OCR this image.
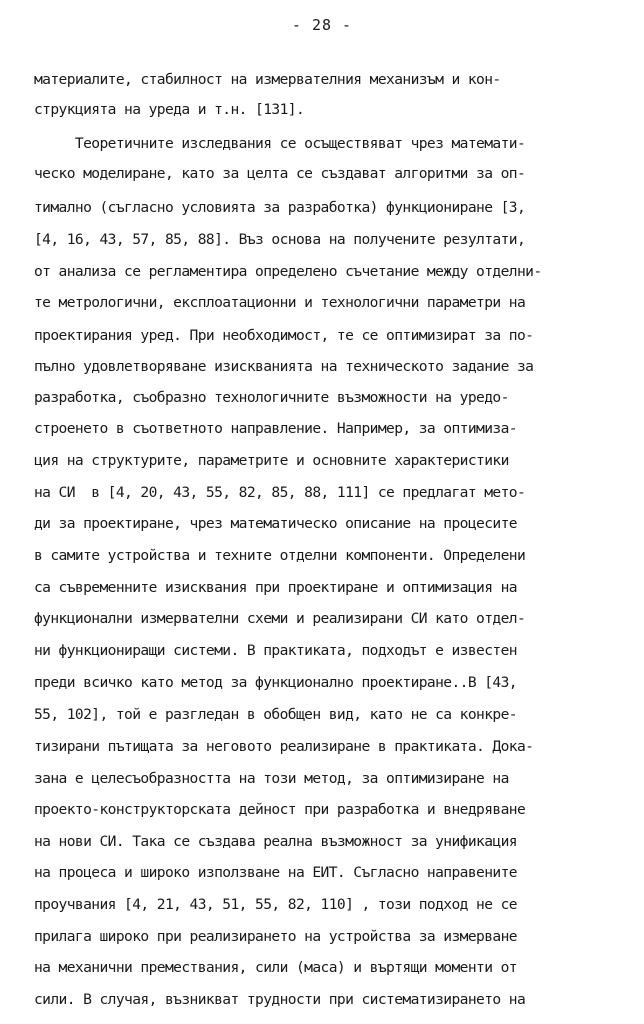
- 28 -
материалите, стабилност на измервателния механизъм и кон-
струкцията на уреда и т.н. [131].
Теоретичните изследвания се осъществяват чрез математи-
ческо моделиране, като за целта се създават алгоритми за оп-
тимално (съгласно условията за разработка) функциониране [3,
[4, 16, 43, 57, 85, 88]. Въз основа на получените резултати,
от анализа се регламентира определено съчетание между отделни-
те метрологични, експлоатационни и технологични параметри на
проектирания уред. При необходимост, те се оптимизират за пo-
пълно удовлетворяване изискванията на техническото задание за
разработка, съобразно технологичните възможности на уредо-
строенето в съответното направление. Например, за оптимиза-
ция на структурите, параметрите и основните характеристики
на СИ  в [4, 20, 43, 55, 82, 85, 88, 111] се предлагат мето-
ди за проектиране, чрез математическо описание на процесите
в самите устройства и техните отделни компоненти. Определени
са съвременните изисквания при проектиране и оптимизация на
функционални измервателни схеми и реализирани СИ като отдел-
ни функциониращи системи. В практиката, подходът е известен
преди всичко като метод за функционално проектиране..В [43,
55, 102], той е разгледан в обобщен вид, като не са конкре-
тизирани пътищата за неговото реализиране в практиката. Дока-
зана е целесъобразността на този метод, за оптимизиране на
проекто-конструкторската дейност при разработка и внедряване
на нови СИ. Така се създава реална възможност за унификация
на процеса и широко използване на ЕИТ. Съгласно направените
проучвания [4, 21, 43, 51, 55, 82, 110] , този подход не се
прилага широко при реализирането на устройства за измерване
на механични премествания, сили (маса) и въртящи моменти от
сили. В случая, възникват трудности при систематизирането на
